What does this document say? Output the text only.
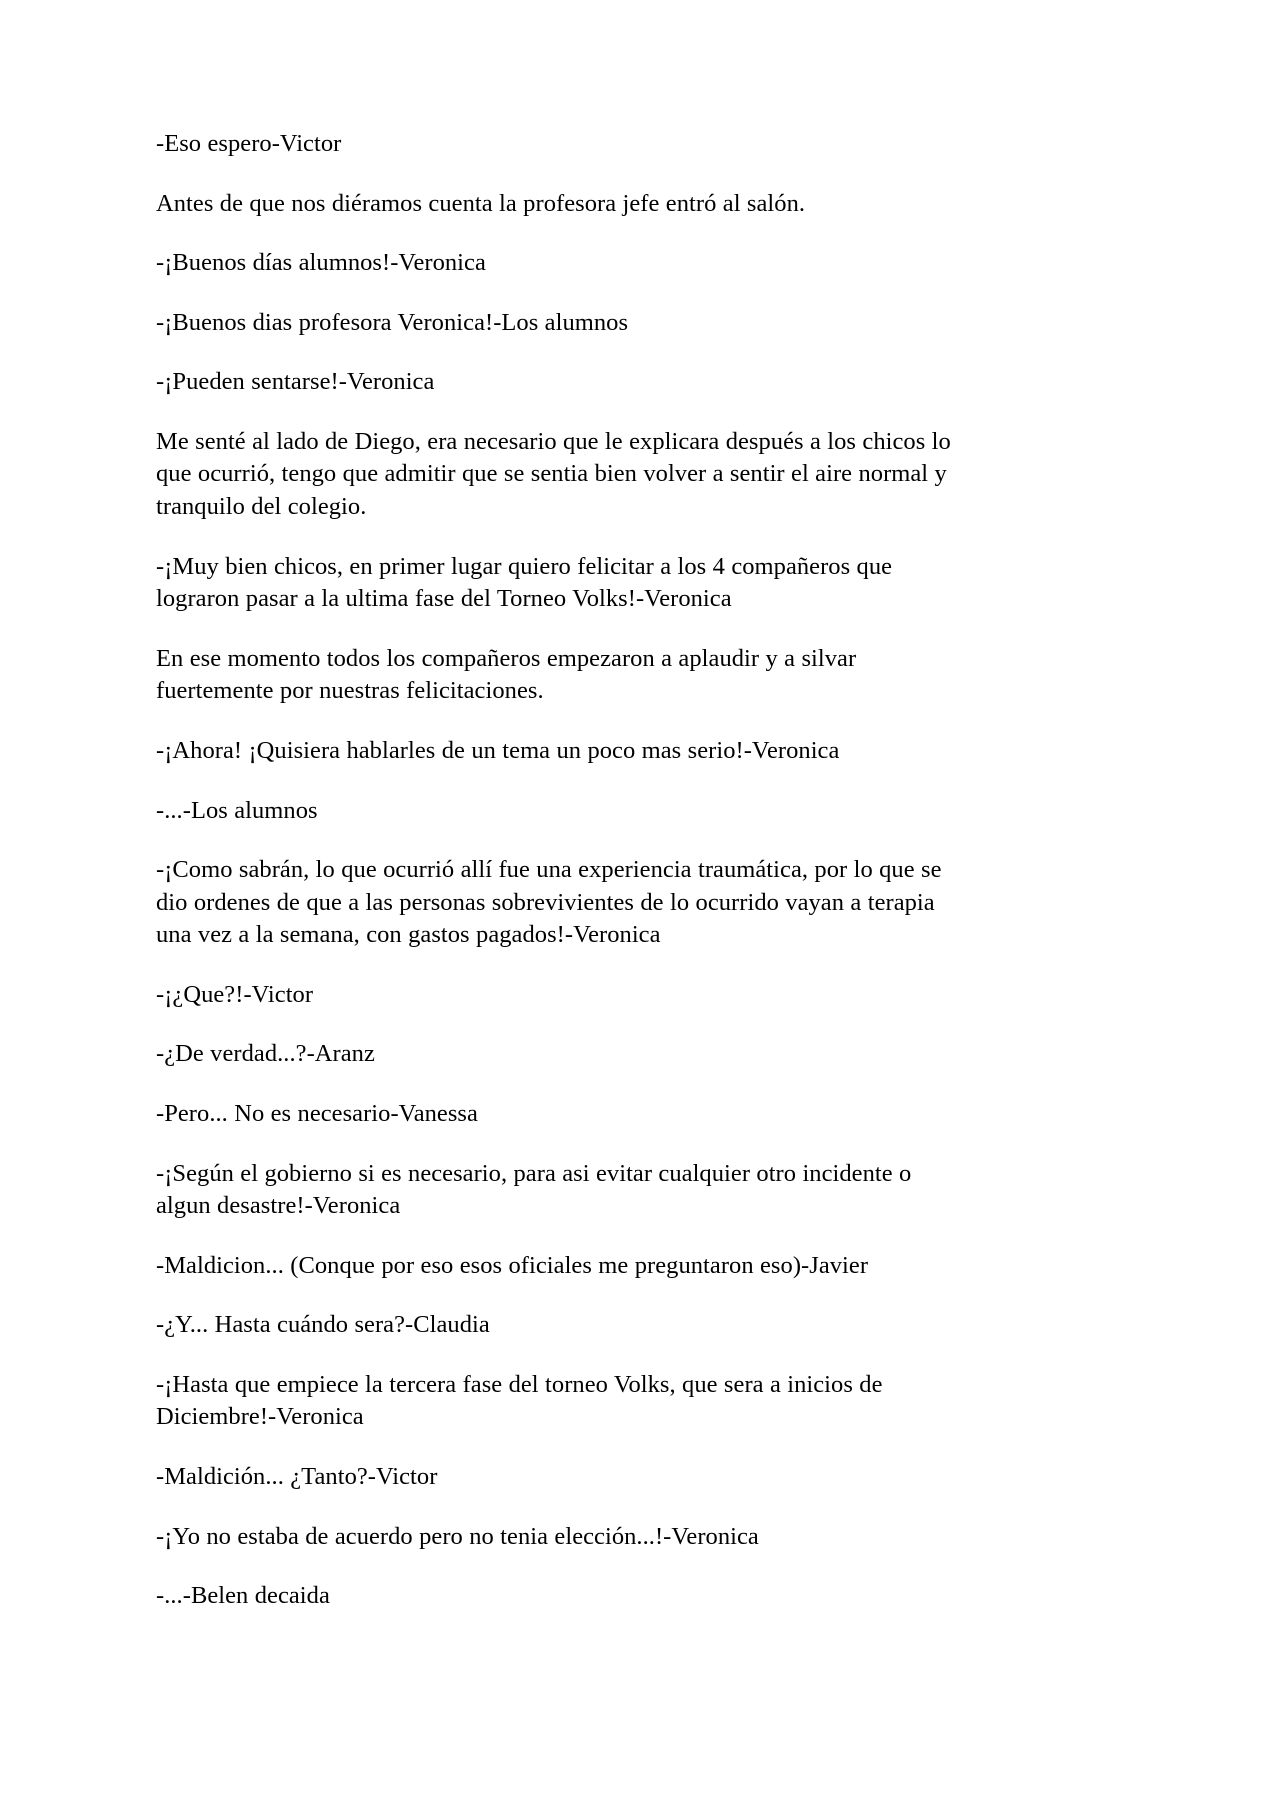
-Eso espero-Victor

Antes de que nos diéramos cuenta la profesora jefe entró al salón.

-¡Buenos días alumnos!-Veronica

-¡Buenos dias profesora Veronica!-Los alumnos

-¡Pueden sentarse!-Veronica

Me senté al lado de Diego, era necesario que le explicara después a los chicos lo que ocurrió, tengo que admitir que se sentia bien volver a sentir el aire normal y tranquilo del colegio.

-¡Muy bien chicos, en primer lugar quiero felicitar a los 4 compañeros que lograron pasar a la ultima fase del Torneo Volks!-Veronica

En ese momento todos los compañeros empezaron a aplaudir y a silvar fuertemente por nuestras felicitaciones.

-¡Ahora! ¡Quisiera hablarles de un tema un poco mas serio!-Veronica

-...-Los alumnos

-¡Como sabrán, lo que ocurrió allí fue una experiencia traumática, por lo que se dio ordenes de que a las personas sobrevivientes de lo ocurrido vayan a terapia una vez a la semana, con gastos pagados!-Veronica

-¡¿Que?!-Victor

-¿De verdad...?-Aranz

-Pero... No es necesario-Vanessa

-¡Según el gobierno si es necesario, para asi evitar cualquier otro incidente o algun desastre!-Veronica

-Maldicion... (Conque por eso esos oficiales me preguntaron eso)-Javier

-¿Y... Hasta cuándo sera?-Claudia

-¡Hasta que empiece la tercera fase del torneo Volks, que sera a inicios de Diciembre!-Veronica

-Maldición... ¿Tanto?-Victor

-¡Yo no estaba de acuerdo pero no tenia elección...!-Veronica

-...-Belen decaida
